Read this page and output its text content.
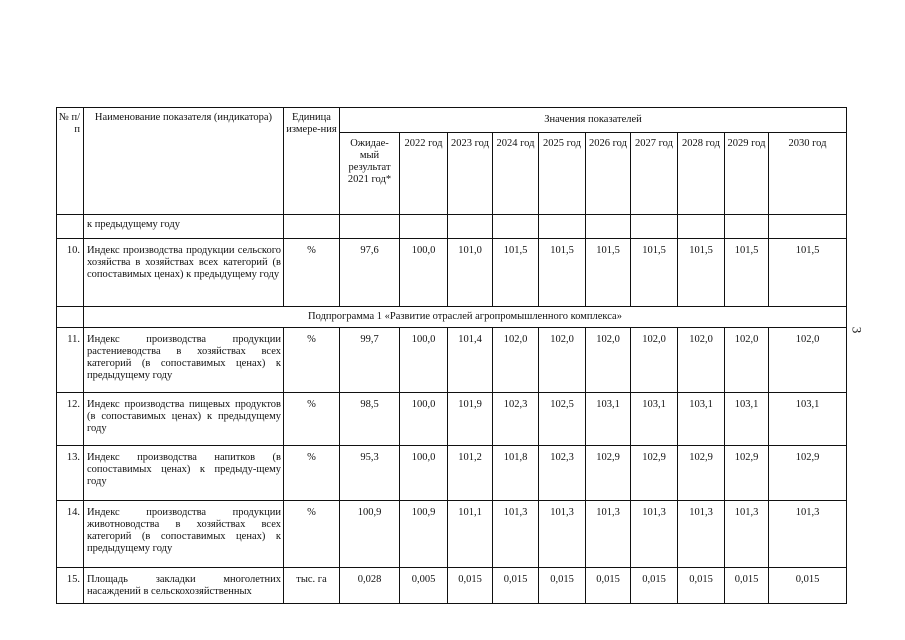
3
№ п/п	Наименование показателя (индикатора)	Единица измере-ния	Значения показателей									
			Ожидае-мый результат 2021 год*	2022 год	2023 год	2024 год	2025 год	2026 год	2027 год	2028 год	2029 год	2030 год
	к предыдущему году											
10.	Индекс производства продукции сельского хозяйства в хозяйствах всех категорий (в сопоставимых ценах) к предыдущему году	%	97,6	100,0	101,0	101,5	101,5	101,5	101,5	101,5	101,5	101,5
	Подпрограмма 1 «Развитие отраслей агропромышленного комплекса»											
11.	Индекс производства продукции растениеводства в хозяйствах всех категорий (в сопоставимых ценах) к предыдущему году	%	99,7	100,0	101,4	102,0	102,0	102,0	102,0	102,0	102,0	102,0
12.	Индекс производства пищевых продуктов (в сопоставимых ценах) к предыдущему году	%	98,5	100,0	101,9	102,3	102,5	103,1	103,1	103,1	103,1	103,1
13.	Индекс производства напитков (в сопоставимых ценах) к предыду-щему году	%	95,3	100,0	101,2	101,8	102,3	102,9	102,9	102,9	102,9	102,9
14.	Индекс производства продукции животноводства в хозяйствах всех категорий (в сопоставимых ценах) к предыдущему году	%	100,9	100,9	101,1	101,3	101,3	101,3	101,3	101,3	101,3	101,3
15.	Площадь закладки многолетних насаждений в сельскохозяйственных	тыс. га	0,028	0,005	0,015	0,015	0,015	0,015	0,015	0,015	0,015	0,015
